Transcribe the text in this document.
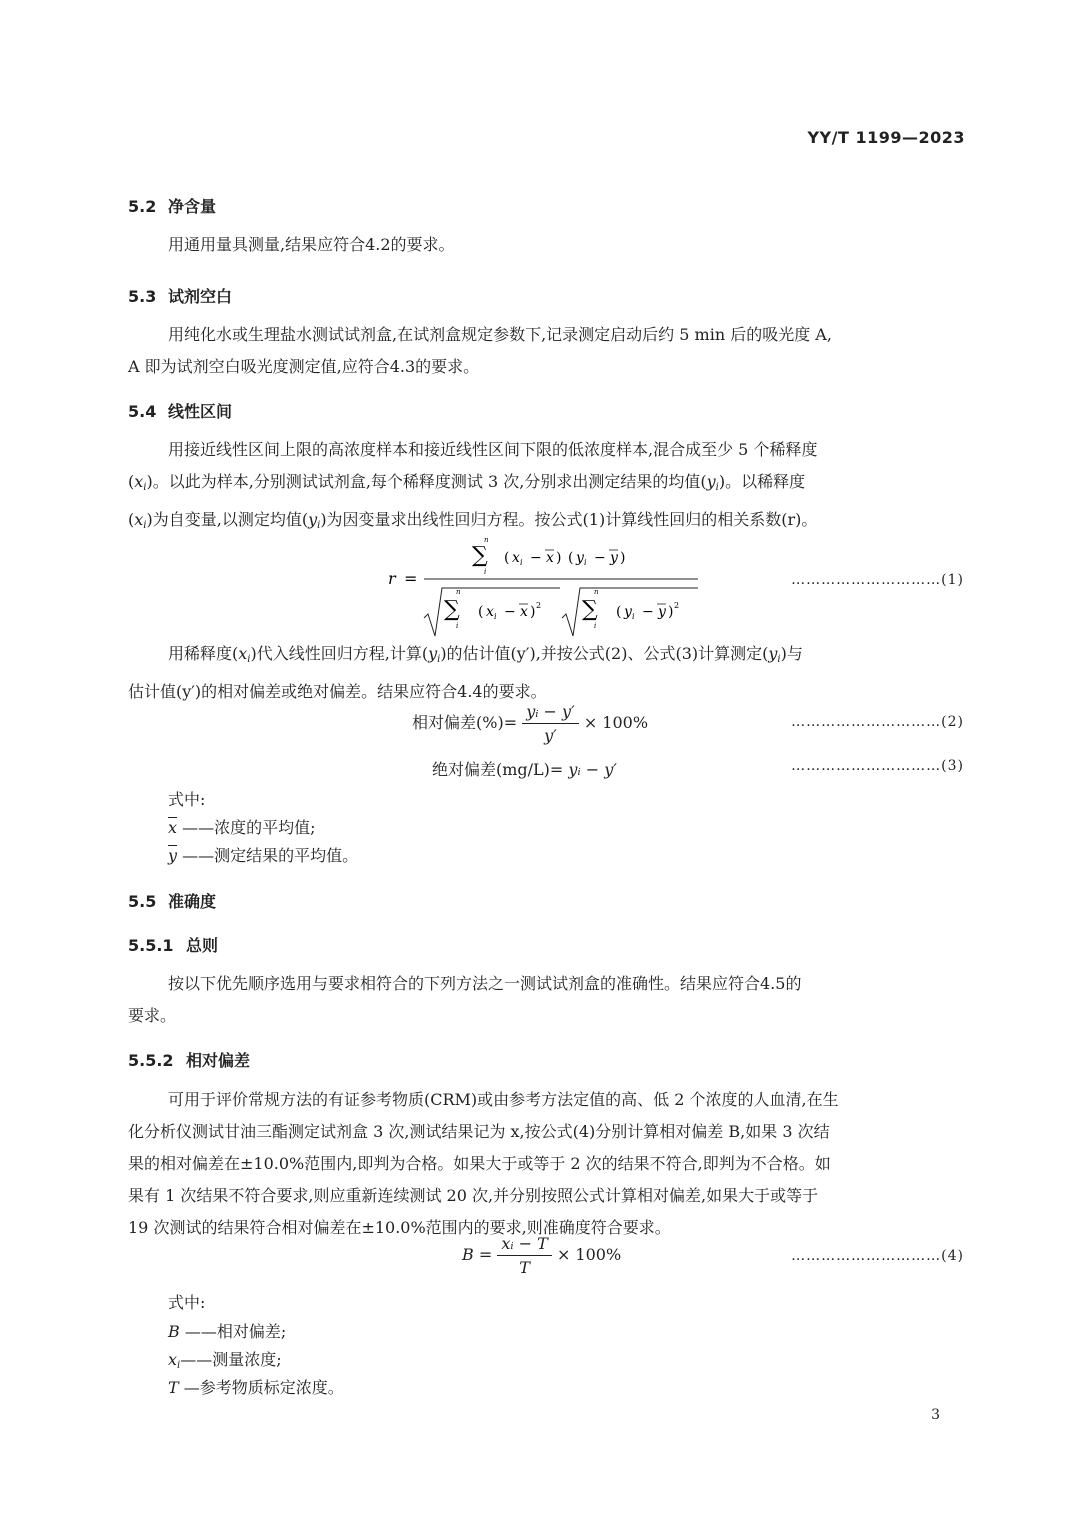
YY/T 1199—2023
5.2 净含量
用通用量具测量,结果应符合4.2的要求。
5.3 试剂空白
用纯化水或生理盐水测试试剂盒,在试剂盒规定参数下,记录测定启动后约 5 min 后的吸光度 A,
A 即为试剂空白吸光度测定值,应符合4.3的要求。
5.4 线性区间
用接近线性区间上限的高浓度样本和接近线性区间下限的低浓度样本,混合成至少 5 个稀释度
$(x_i)$。以此为样本,分别测试试剂盒,每个稀释度测试 3 次,分别求出测定结果的均值$(y_i)$。以稀释度
$(x_i)$为自变量,以测定均值$(y_i)$为因变量求出线性回归方程。按公式(1)计算线性回归的相关系数(r)。
r =
n
∑
i
( x i − x ) ( y i − y )
n
∑
i
( x i − x ) 2
n
∑
i
( y i − y ) 2
…………………………(1)
用稀释度$(x_i)$代入线性回归方程,计算$(y_i)$的估计值(y′),并按公式(2)、公式(3)计算测定$(y_i)$与
估计值(y′)的相对偏差或绝对偏差。结果应符合4.4的要求。
相对偏差(%)= $\frac{\text{yᵢ − y′}}{y'} \times 100\%$	…………………………(2)
绝对偏差(mg/L)= yᵢ − y′	…………………………(3)
式中:
$\overline{x}$ ——浓度的平均值;
$\overline{y}$ ——测定结果的平均值。
5.5 准确度
5.5.1 总则
按以下优先顺序选用与要求相符合的下列方法之一测试试剂盒的准确性。结果应符合4.5的
要求。
5.5.2 相对偏差
可用于评价常规方法的有证参考物质(CRM)或由参考方法定值的高、低 2 个浓度的人血清,在生
化分析仪测试甘油三酯测定试剂盒 3 次,测试结果记为 x,按公式(4)分别计算相对偏差 B,如果 3 次结
果的相对偏差在±10.0%范围内,即判为合格。如果大于或等于 2 次的结果不符合,即判为不合格。如
果有 1 次结果不符合要求,则应重新连续测试 20 次,并分别按照公式计算相对偏差,如果大于或等于
19 次测试的结果符合相对偏差在±10.0%范围内的要求,则准确度符合要求。
$B = \frac{\text{xᵢ − T}}{T} \times 100\%$	…………………………(4)
式中:
B ——相对偏差;
$x_i——$测量浓度;
T —参考物质标定浓度。
3
